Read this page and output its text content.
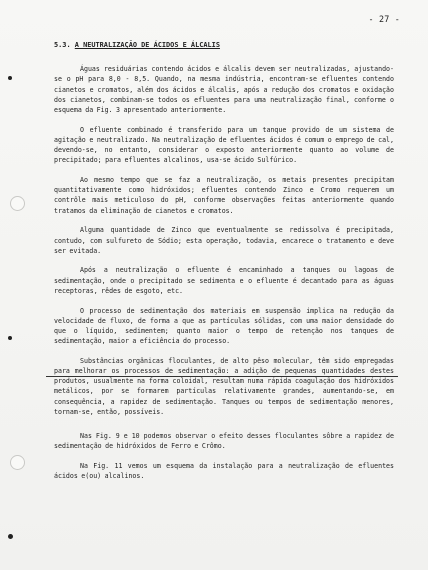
- 27 -
5.3. A NEUTRALIZAÇÃO DE ÁCIDOS E ÁLCALIS

Águas residuárias contendo ácidos e álcalis devem ser neutralizadas, ajustando-se o pH para 8,0 - 8,5. Quando, na mesma indústria, encontram-se efluentes contendo cianetos e cromatos, além dos ácidos e álcalis, após a redução dos cromatos e oxidação dos cianetos, combinam-se todos os efluentes para uma neutralização final, conforme o esquema da Fig. 3 apresentado anteriormente.

O efluente combinado é transferido para um tanque provido de um sistema de agitação e neutralizado. Na neutralização de efluentes ácidos é comum o emprego de cal, devendo-se, no entanto, considerar o exposto anteriormente quanto ao volume de precipitado; para efluentes alcalinos, usa-se ácido Sulfúrico.

Ao mesmo tempo que se faz a neutralização, os metais presentes precipitam quantitativamente como hidróxidos; efluentes contendo Zinco e Cromo requerem um contrôle mais meticuloso do pH, conforme observações feitas anteriormente quando tratamos da eliminação de cianetos e cromatos.

Alguma quantidade de Zinco que eventualmente se redissolva é precipitada, contudo, com sulfureto de Sódio; esta operação, todavia, encarece o tratamento e deve ser evitada.

Após a neutralização o efluente é encaminhado a tanques ou lagoas de sedimentação, onde o precipitado se sedimenta e o efluente é decantado para as águas receptoras, rêdes de esgoto, etc.

O processo de sedimentação dos materiais em suspensão implica na redução da velocidade de fluxo, de forma a que as partículas sólidas, com uma maior densidade do que o líquido, sedimentem; quanto maior o tempo de retenção nos tanques de sedimentação, maior a eficiência do processo.

Substâncias orgânicas floculantes, de alto pêso molecular, têm sido empregadas para melhorar os processos de sedimentação: a adição de pequenas quantidades destes produtos, usualmente na forma coloidal, resultam numa rápida coagulação dos hidróxidos metálicos, por se formarem partículas relativamente grandes, aumentando-se, em consequência, a rapidez de sedimentação. Tanques ou tempos de sedimentação menores, tornam-se, então, possíveis.

Nas Fig. 9 e 10 podemos observar o efeito desses floculantes sôbre a rapidez de sedimentação de hidróxidos de Ferro e Crômo.

Na Fig. 11 vemos um esquema da instalação para a neutralização de efluentes ácidos e(ou) alcalinos.
